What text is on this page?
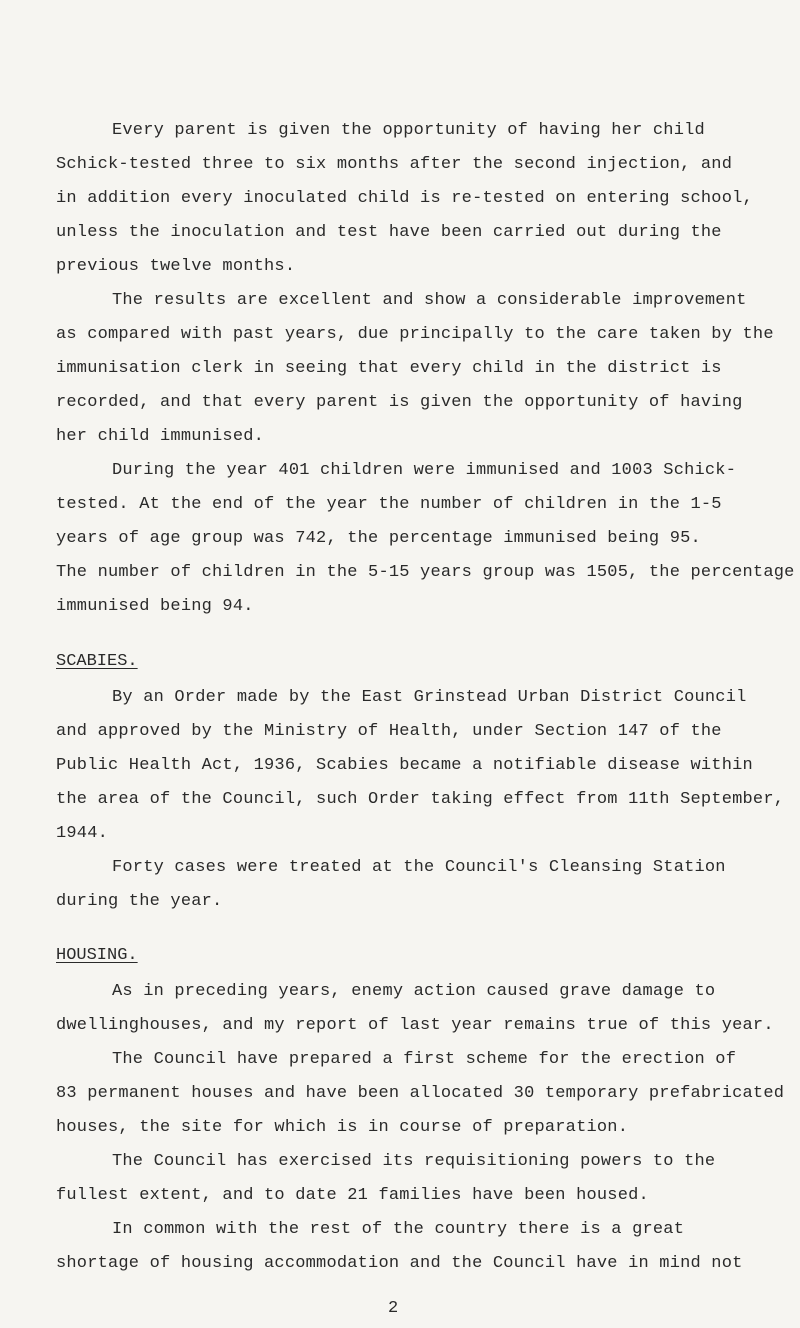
Every parent is given the opportunity of having her child
Schick-tested three to six months after the second injection, and
in addition every inoculated child is re-tested on entering school,
unless the inoculation and test have been carried out during the
previous twelve months.
The results are excellent and show a considerable improvement
as compared with past years, due principally to the care taken by the
immunisation clerk in seeing that every child in the district is
recorded, and that every parent is given the opportunity of having
her child immunised.
During the year 401 children were immunised and 1003 Schick-
tested. At the end of the year the number of children in the 1-5
years of age group was 742, the percentage immunised being 95.
The number of children in the 5-15 years group was 1505, the percentage
immunised being 94.
SCABIES.
By an Order made by the East Grinstead Urban District Council
and approved by the Ministry of Health, under Section 147 of the
Public Health Act, 1936, Scabies became a notifiable disease within
the area of the Council, such Order taking effect from 11th September,
1944.
Forty cases were treated at the Council's Cleansing Station
during the year.
HOUSING.
As in preceding years, enemy action caused grave damage to
dwellinghouses, and my report of last year remains true of this year.
The Council have prepared a first scheme for the erection of
83 permanent houses and have been allocated 30 temporary prefabricated
houses, the site for which is in course of preparation.
The Council has exercised its requisitioning powers to the
fullest extent, and to date 21 families have been housed.
In common with the rest of the country there is a great
shortage of housing accommodation and the Council have in mind not
2
